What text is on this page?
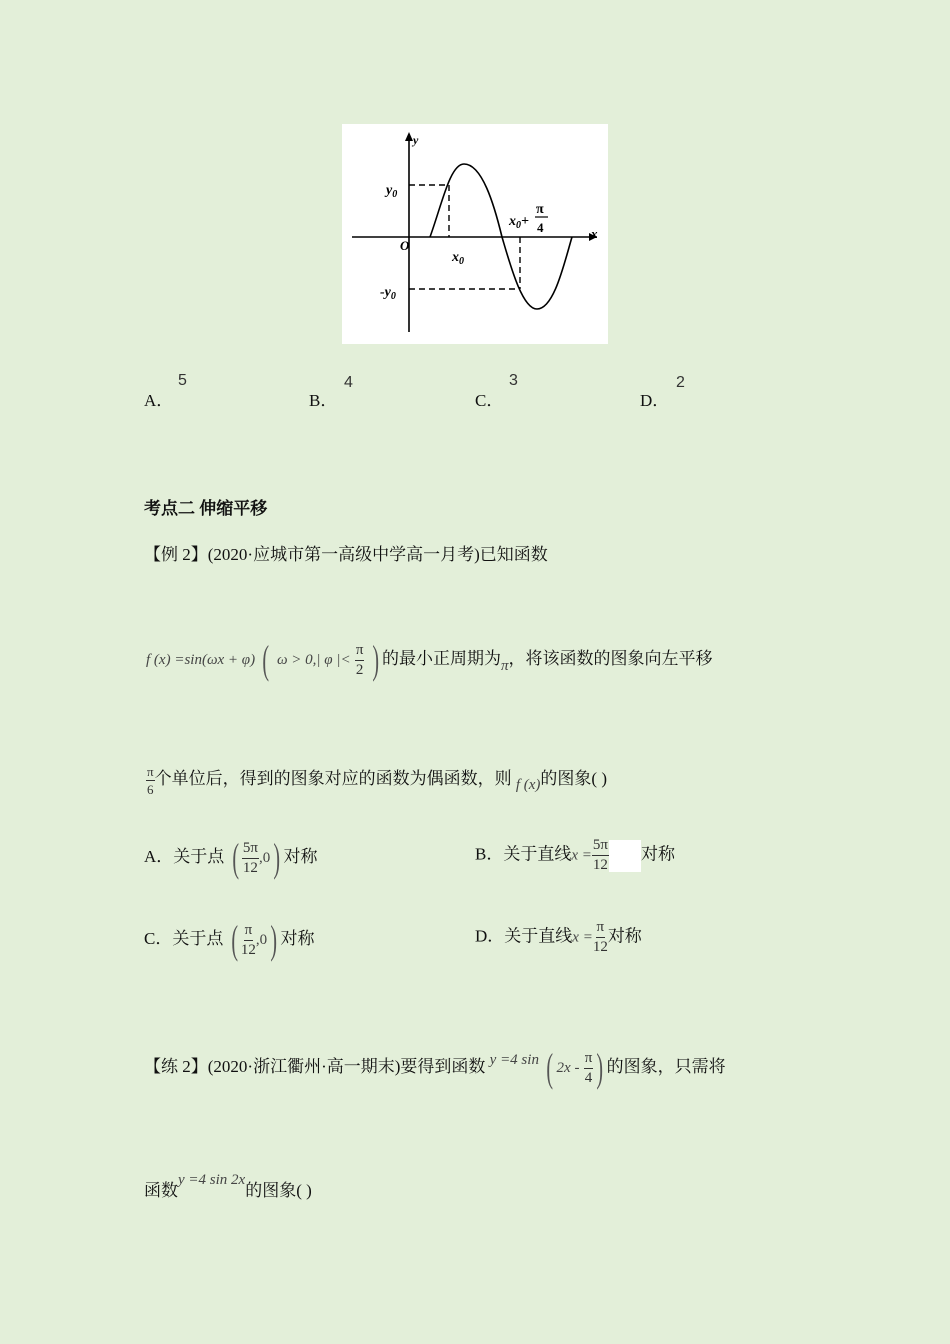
y
x
O
$y_0$
$-y_0$
$x_0$
$x_0+$
π
4
A．
5
B．
4
C．
3
D．
2
考点二 伸缩平移
【例 2】(2020·应城市第一高级中学高一月考)已知函数
f (x) =sin(ωx + φ) ( ω > 0,| φ |< $\frac{\pi}{2}$ ) 的最小正周期为π，将该函数的图象向左平移
$\frac{\pi}{6}$ 个单位后，得到的图象对应的函数为偶函数，则 f (x)的图象( )
A．关于点 ( $\frac{5\pi}{12} ,0$) 对称	B．关于直线$x = \frac{5\pi}{12}$ 对称
C．关于点 ( $\frac{\pi}{12} ,0$) 对称	D．关于直线$x = \frac{\pi}{12}$ 对称
【练 2】(2020·浙江衢州·高一期末)要得到函数 y =4 sin ( $2x - \frac{\pi}{4}$ ) 的图象，只需将
函数y =4 sin 2x的图象( )
